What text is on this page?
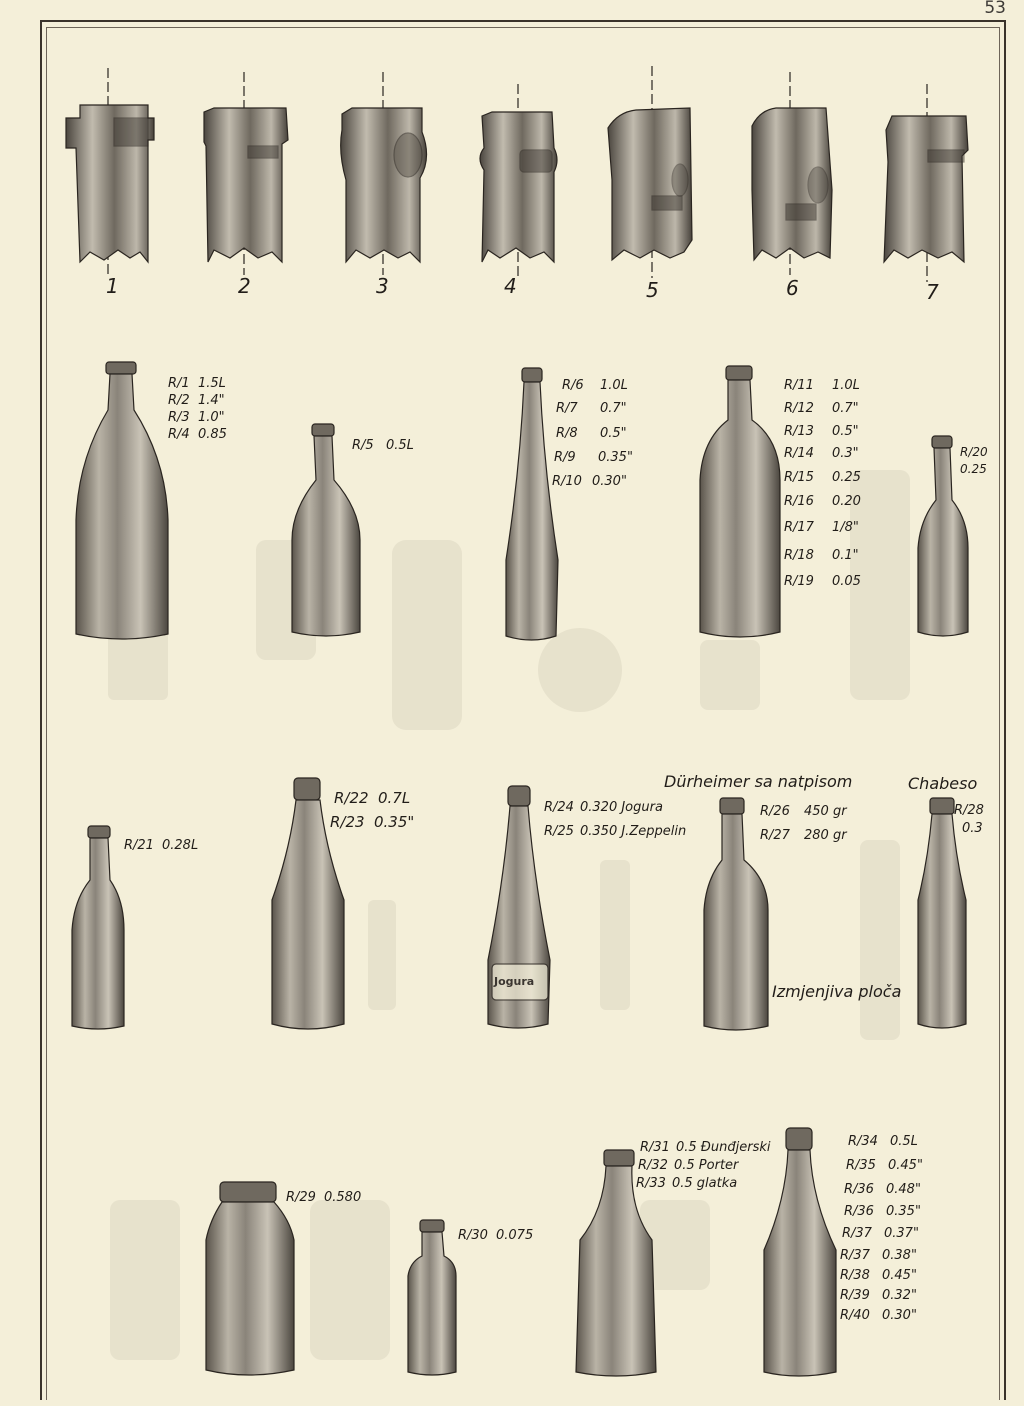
53
1	2	3	4	5	6	7
R/1 1.5L
R/2 1.4"
R/3 1.0"
R/4 0.85
R/5 0.5L
R/6 1.0L
R/7 0.7"
R/8 0.5"
R/9 0.35"
R/10 0.30"
R/11 1.0L
R/12 0.7"
R/13 0.5"
R/14 0.3"
R/15 0.25
R/16 0.20
R/17 1/8"
R/18 0.1"
R/19 0.05
R/20
0.25
R/21 0.28L
R/22 0.7L
R/23 0.35"
R/24 0.320 Jogura
R/25 0.350 J.Zeppelin
Dürheimer sa natpisom
R/26 450 gr
R/27 280 gr
Chabeso
R/28
0.3
Izmjenjiva ploča
Jogura
R/29 0.580
R/30 0.075
R/31 0.5 Đunđjerski
R/32 0.5 Porter
R/33 0.5 glatka
R/34 0.5L
R/35 0.45"
R/36 0.48"
R/36 0.35"
R/37 0.37"
R/37 0.38"
R/38 0.45"
R/39 0.32"
R/40 0.30"
